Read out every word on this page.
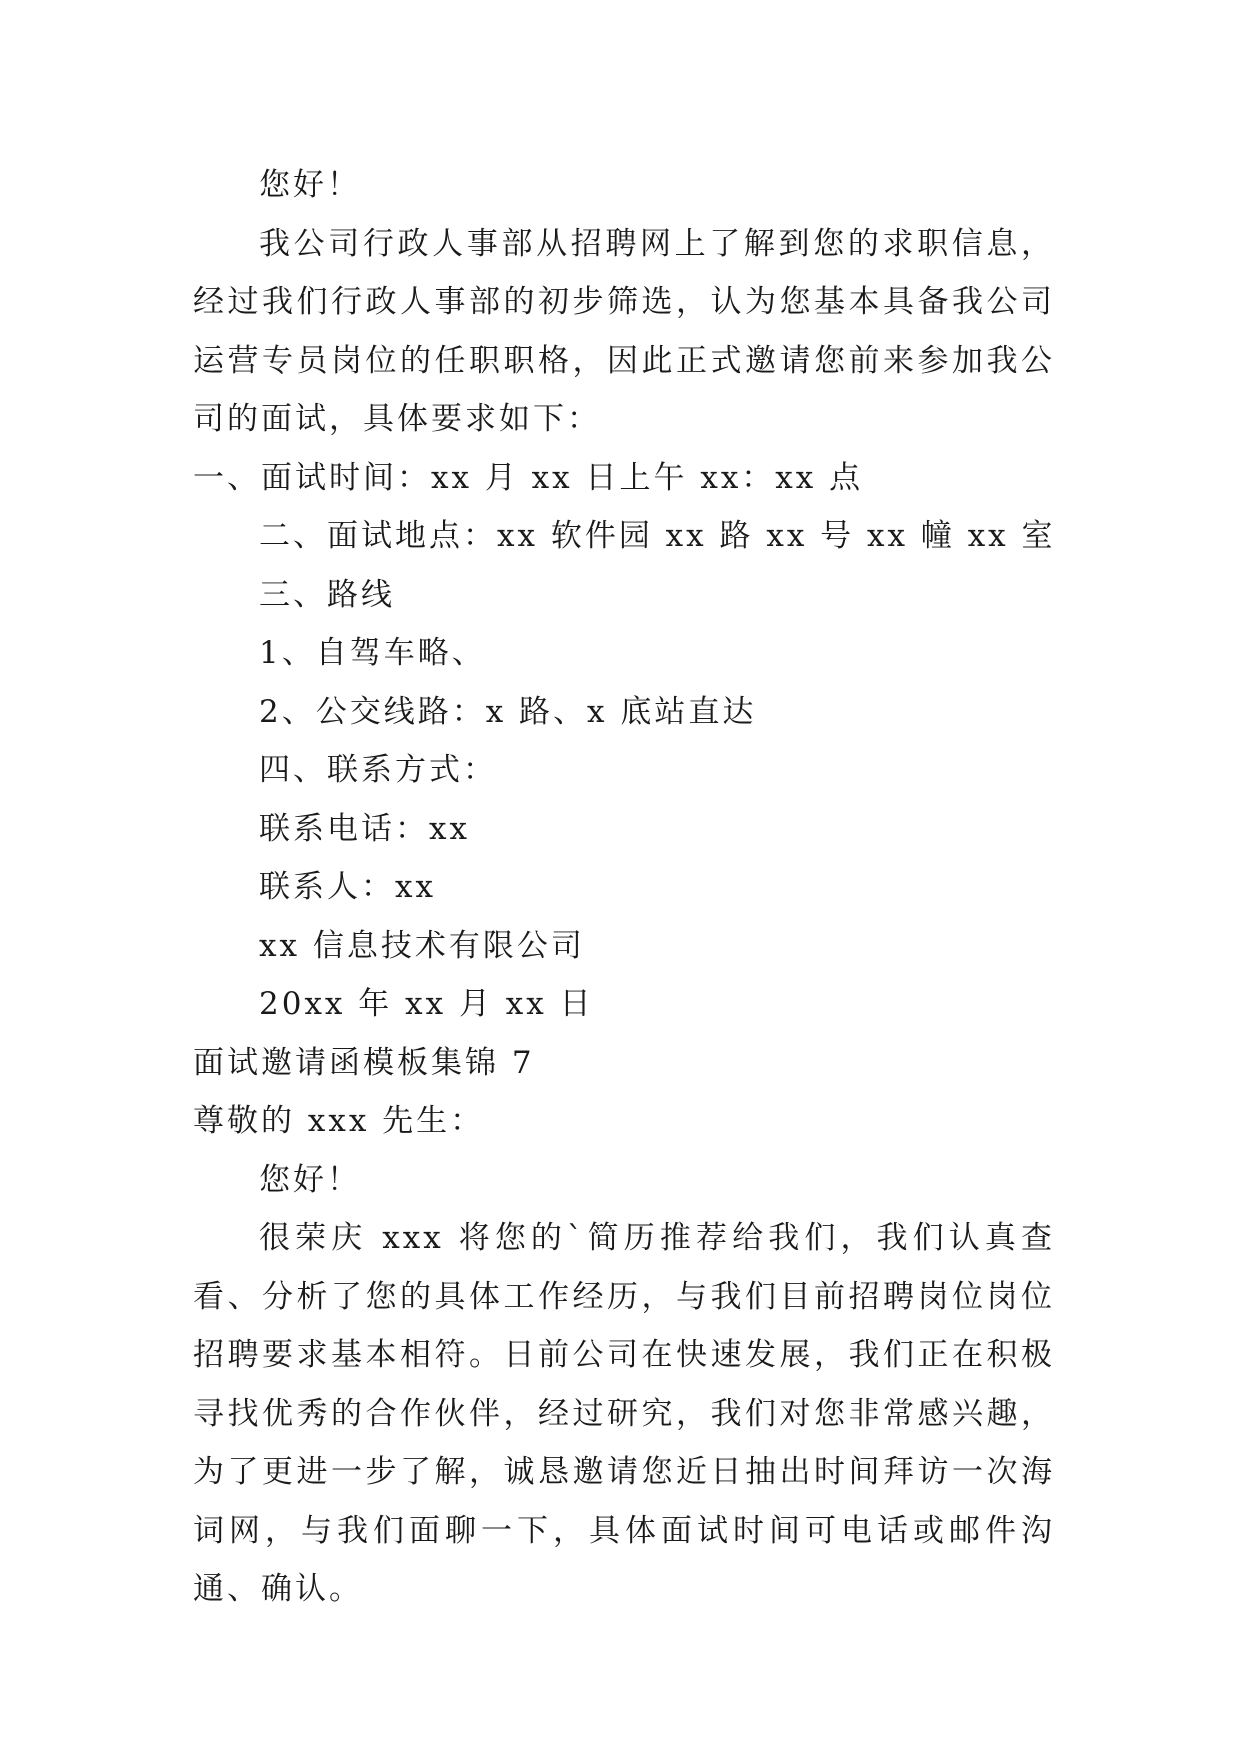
您好！
我公司行政人事部从招聘网上了解到您的求职信息，经过我们行政人事部的初步筛选，认为您基本具备我公司运营专员岗位的任职职格，因此正式邀请您前来参加我公司的面试，具体要求如下：
一、面试时间：xx 月 xx 日上午 xx：xx 点
二、面试地点：xx 软件园 xx 路 xx 号 xx 幢 xx 室
三、路线
1、自驾车略、
2、公交线路：x 路、x 底站直达
四、联系方式：
联系电话：xx
联系人：xx
xx 信息技术有限公司
20xx 年 xx 月 xx 日
面试邀请函模板集锦 7
尊敬的 xxx 先生：
您好！
很荣庆 xxx 将您的`简历推荐给我们，我们认真查看、分析了您的具体工作经历，与我们目前招聘岗位岗位招聘要求基本相符。日前公司在快速发展，我们正在积极寻找优秀的合作伙伴，经过研究，我们对您非常感兴趣，为了更进一步了解，诚恳邀请您近日抽出时间拜访一次海词网，与我们面聊一下，具体面试时间可电话或邮件沟通、确认。
